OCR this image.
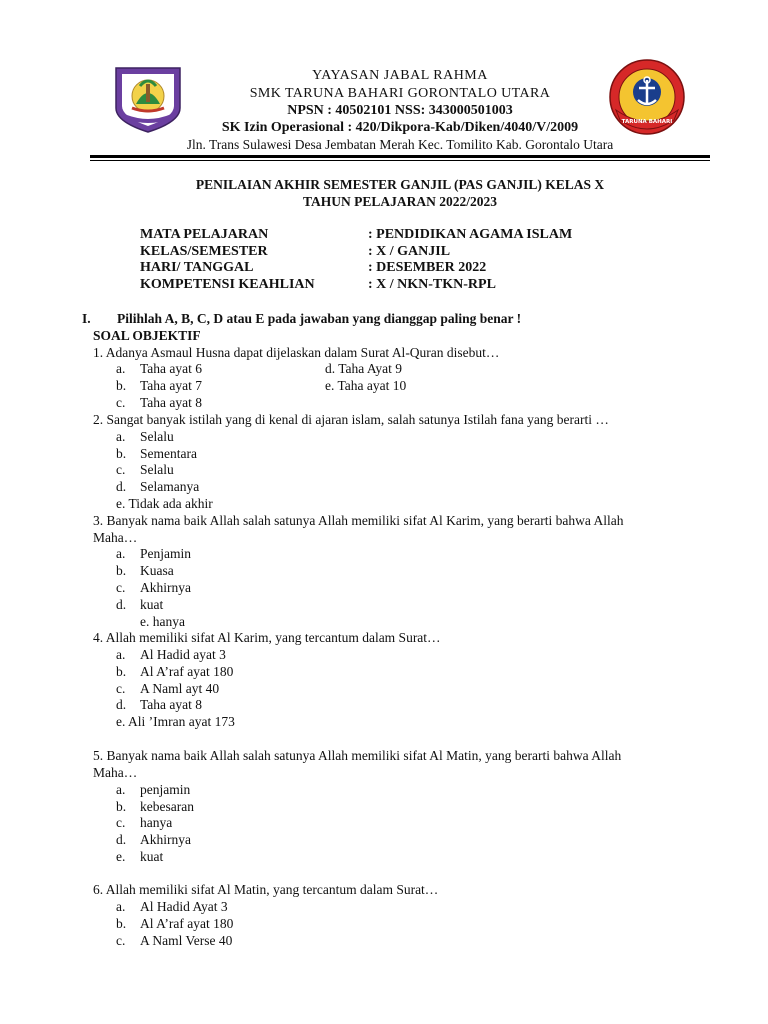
YAYASAN JABAL RAHMA
SMK TARUNA BAHARI GORONTALO UTARA
NPSN : 40502101 NSS: 343000501003
SK Izin Operasional : 420/Dikpora-Kab/Diken/4040/V/2009
Jln. Trans Sulawesi Desa Jembatan Merah Kec. Tomilito Kab. Gorontalo Utara
TARUNA BAHARI
PENILAIAN AKHIR SEMESTER GANJIL (PAS GANJIL) KELAS X
TAHUN PELAJARAN 2022/2023
MATA PELAJARAN	: PENDIDIKAN AGAMA ISLAM
KELAS/SEMESTER	: X / GANJIL
HARI/ TANGGAL	: DESEMBER 2022
KOMPETENSI KEAHLIAN	: X / NKN-TKN-RPL
I. Pilihlah A, B, C, D atau E pada jawaban yang dianggap paling benar !
SOAL OBJEKTIF
1. Adanya Asmaul Husna dapat dijelaskan dalam Surat Al-Quran disebut…
a. Taha ayat 6
b. Taha ayat 7
c. Taha ayat 8
d. Taha Ayat 9
e. Taha ayat 10
2. Sangat banyak istilah yang di kenal di ajaran islam, salah satunya Istilah fana yang berarti …
a. Selalu
b. Sementara
c. Selalu
d. Selamanya
e. Tidak ada akhir
3. Banyak nama baik Allah salah satunya Allah memiliki sifat Al Karim, yang berarti bahwa Allah
Maha…
a. Penjamin
b. Kuasa
c. Akhirnya
d. kuat
e. hanya
4. Allah memiliki sifat Al Karim, yang tercantum dalam Surat…
a. Al Hadid ayat 3
b. Al A’raf ayat 180
c. A Naml ayt 40
d. Taha ayat 8
e. Ali ’Imran ayat 173
5. Banyak nama baik Allah salah satunya Allah memiliki sifat Al Matin, yang berarti bahwa Allah
Maha…
a. penjamin
b. kebesaran
c. hanya
d. Akhirnya
e. kuat
6. Allah memiliki sifat Al Matin, yang tercantum dalam Surat…
a. Al Hadid Ayat 3
b. Al A’raf ayat 180
c. A Naml Verse 40
